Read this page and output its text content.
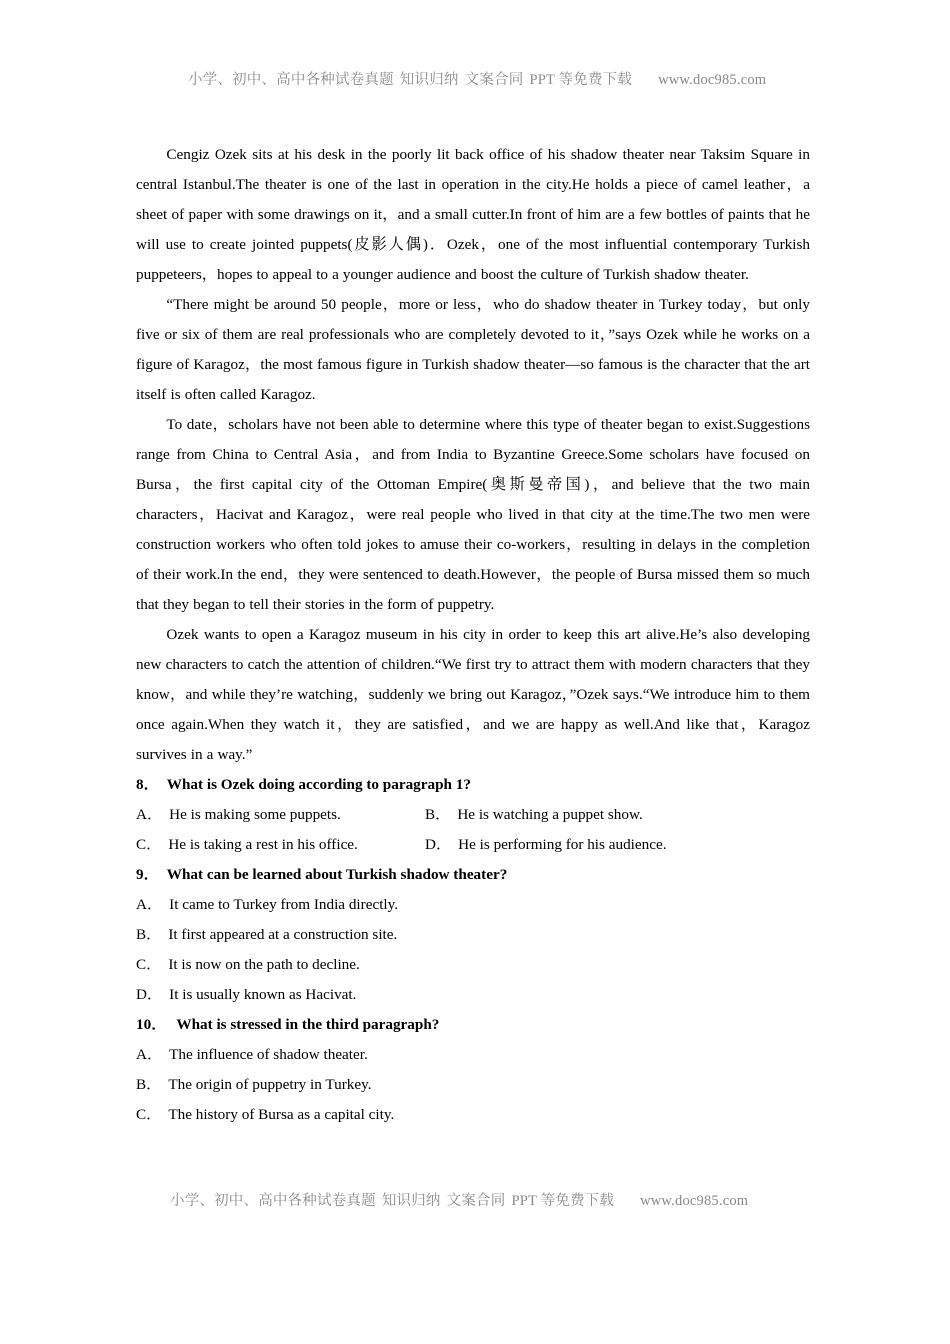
小学、初中、高中各种试卷真题 知识归纳 文案合同 PPT 等免费下载 www.doc985.com

Cengiz Ozek sits at his desk in the poorly lit back office of his shadow theater near Taksim Square in central Istanbul.The theater is one of the last in operation in the city.He holds a piece of camel leather，a sheet of paper with some drawings on it，and a small cutter.In front of him are a few bottles of paints that he will use to create jointed puppets(皮影人偶)．Ozek，one of the most influential contemporary Turkish puppeteers，hopes to appeal to a younger audience and boost the culture of Turkish shadow theater.

“There might be around 50 people，more or less，who do shadow theater in Turkey today，but only five or six of them are real professionals who are completely devoted to it，”says Ozek while he works on a figure of Karagoz，the most famous figure in Turkish shadow theater—so famous is the character that the art itself is often called Karagoz.

To date，scholars have not been able to determine where this type of theater began to exist.Suggestions range from China to Central Asia，and from India to Byzantine Greece.Some scholars have focused on Bursa，the first capital city of the Ottoman Empire(奥斯曼帝国)，and believe that the two main characters，Hacivat and Karagoz，were real people who lived in that city at the time.The two men were construction workers who often told jokes to amuse their co-workers，resulting in delays in the completion of their work.In the end，they were sentenced to death.However，the people of Bursa missed them so much that they began to tell their stories in the form of puppetry.

Ozek wants to open a Karagoz museum in his city in order to keep this art alive.He’s also developing new characters to catch the attention of children.“We first try to attract them with modern characters that they know，and while they’re watching，suddenly we bring out Karagoz，”Ozek says.“We introduce him to them once again.When they watch it，they are satisfied，and we are happy as well.And like that，Karagoz survives in a way.”

8． What is Ozek doing according to paragraph 1?

A． He is making some puppets.	B． He is watching a puppet show.

C． He is taking a rest in his office.	D． He is performing for his audience.

9． What can be learned about Turkish shadow theater?

A． It came to Turkey from India directly.

B． It first appeared at a construction site.

C． It is now on the path to decline.

D． It is usually known as Hacivat.

10． What is stressed in the third paragraph?

A． The influence of shadow theater.

B． The origin of puppetry in Turkey.

C． The history of Bursa as a capital city.

小学、初中、高中各种试卷真题 知识归纳 文案合同 PPT 等免费下载 www.doc985.com
